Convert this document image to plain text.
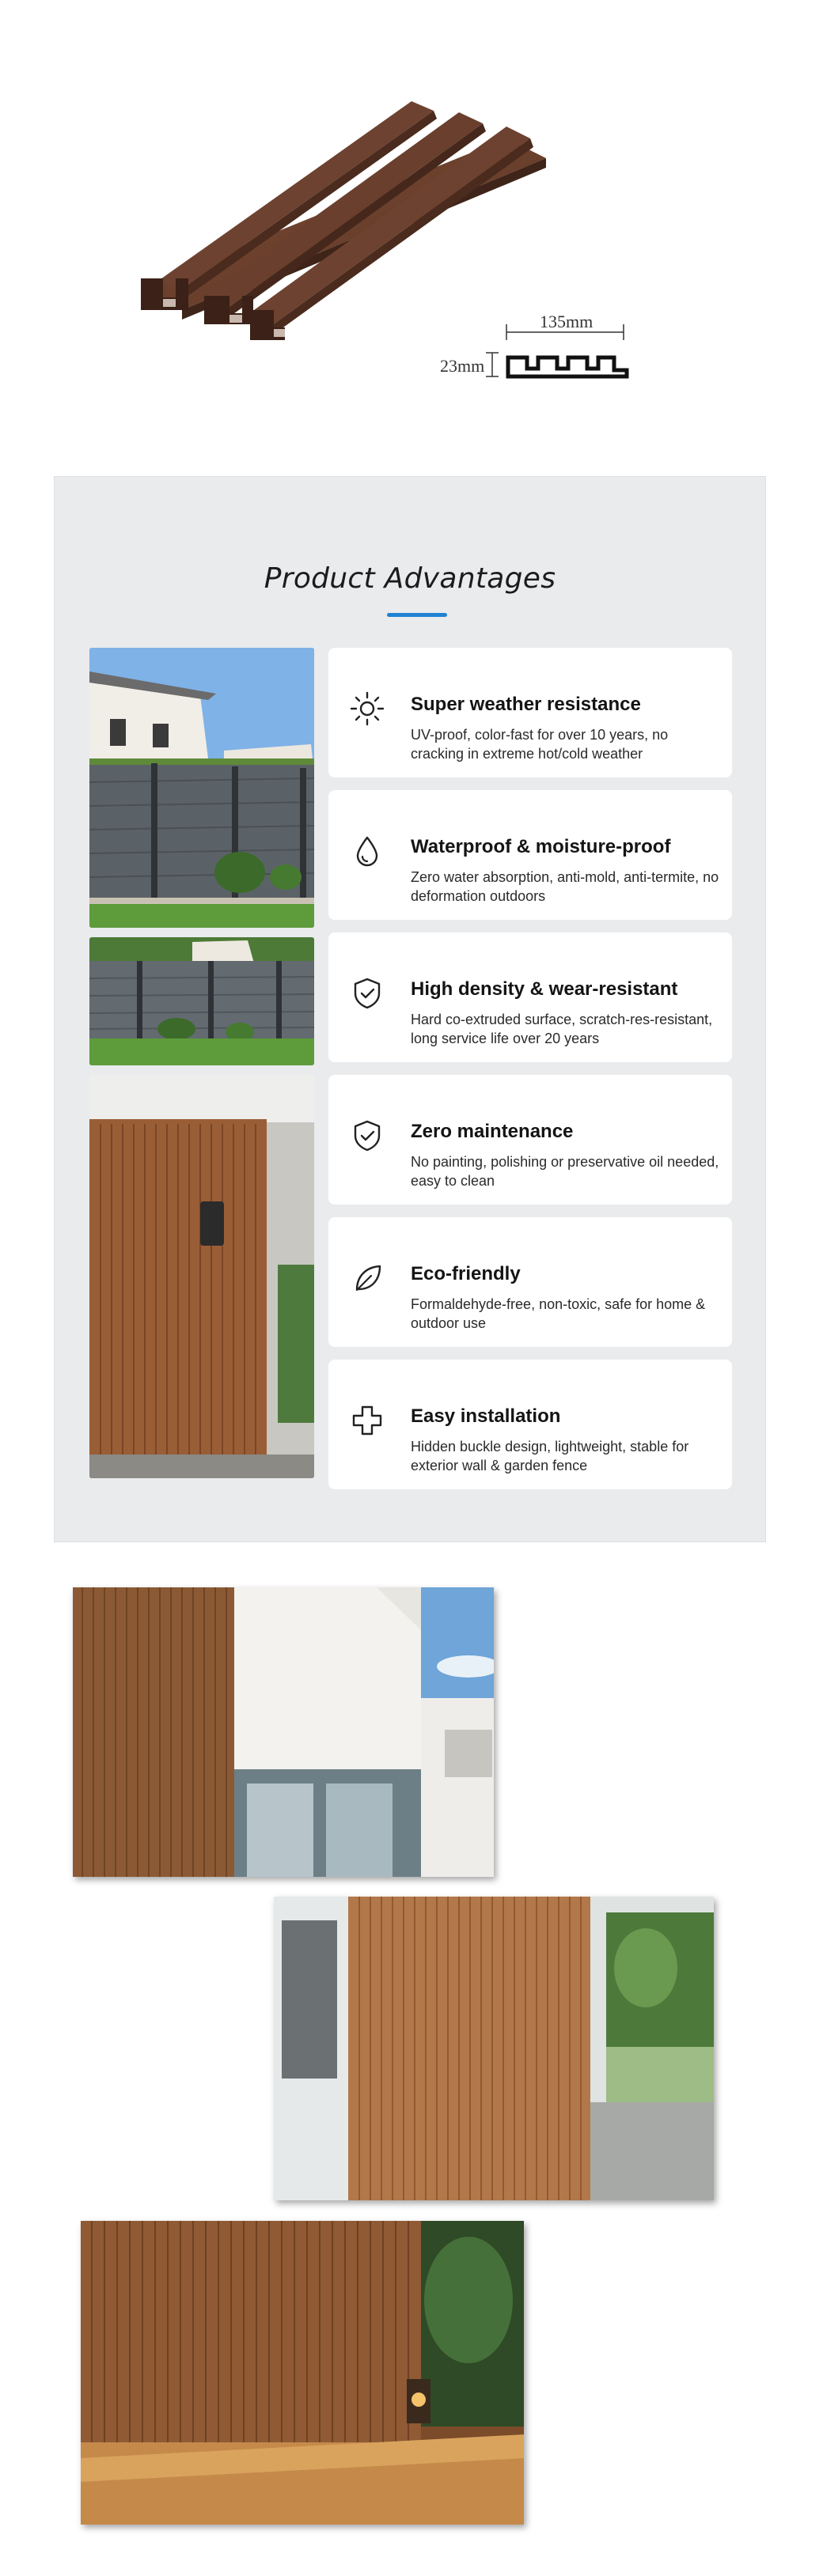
135mm
23mm
Product Advantages
Super weather resistance
UV-proof, color-fast for over 10 years, no cracking in extreme hot/cold weather
Waterproof & moisture-proof
Zero water absorption, anti-mold, anti-termite, no deformation outdoors
High density & wear-resistant
Hard co-extruded surface, scratch-res-resistant, long service life over 20 years
Zero maintenance
No painting, polishing or preservative oil needed, easy to clean
Eco-friendly
Formaldehyde-free, non-toxic, safe for home & outdoor use
Easy installation
Hidden buckle design, lightweight, stable for exterior wall & garden fence
